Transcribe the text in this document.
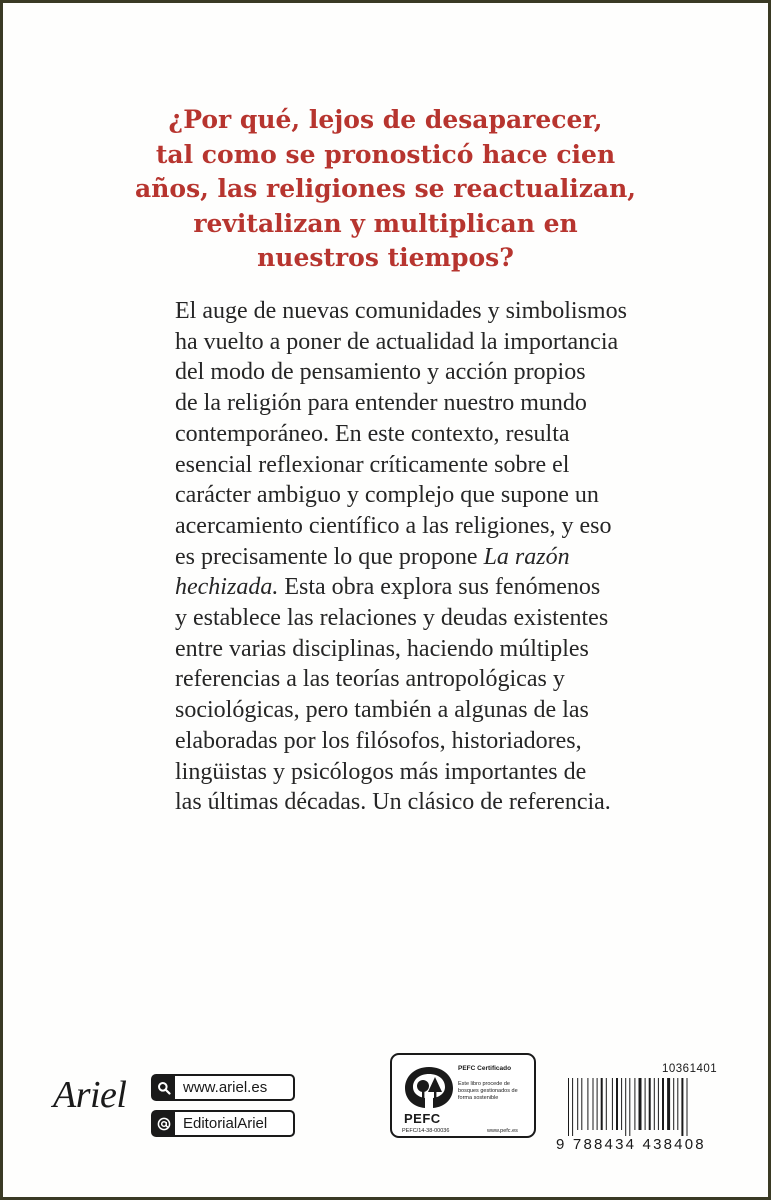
¿Por qué, lejos de desaparecer,
tal como se pronosticó hace cien
años, las religiones se reactualizan,
revitalizan y multiplican en
nuestros tiempos?

El auge de nuevas comunidades y simbolismos
ha vuelto a poner de actualidad la importancia
del modo de pensamiento y acción propios
de la religión para entender nuestro mundo
contemporáneo. En este contexto, resulta
esencial reflexionar críticamente sobre el
carácter ambiguo y complejo que supone un
acercamiento científico a las religiones, y eso
es precisamente lo que propone La razón
hechizada. Esta obra explora sus fenómenos
y establece las relaciones y deudas existentes
entre varias disciplinas, haciendo múltiples
referencias a las teorías antropológicas y
sociológicas, pero también a algunas de las
elaboradas por los filósofos, historiadores,
lingüistas y psicólogos más importantes de
las últimas décadas. Un clásico de referencia.

Ariel	www.ariel.es
EditorialAriel	PEFC
PEFC Certificado
Este libro procede de bosques gestionados de forma sostenible
PEFC/14-38-00036	www.pefc.es
10361401
9 788434 438408
